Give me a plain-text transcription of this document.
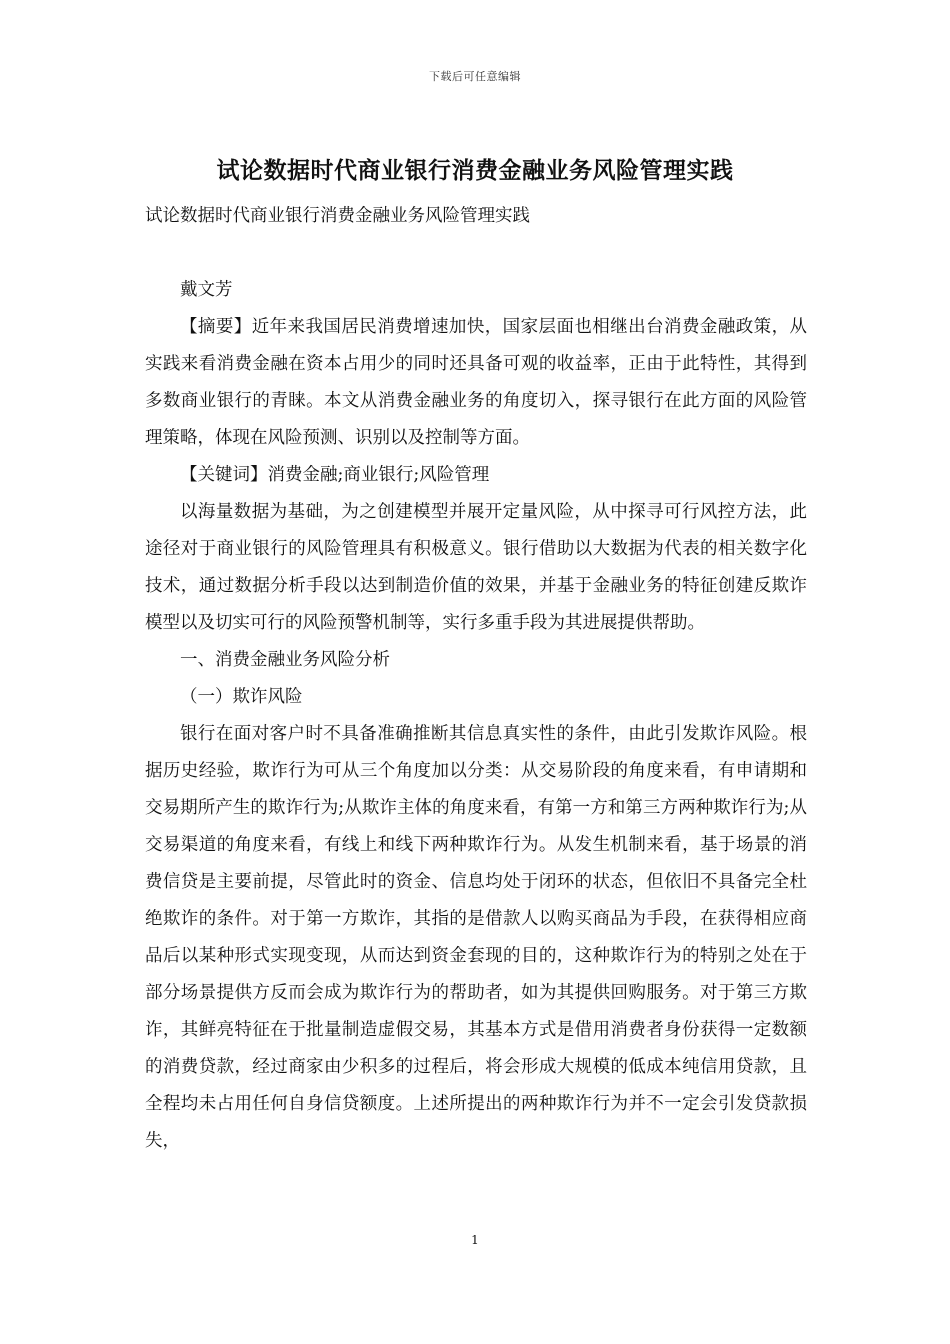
下载后可任意编辑
试论数据时代商业银行消费金融业务风险管理实践

试论数据时代商业银行消费金融业务风险管理实践

戴文芳

【摘要】近年来我国居民消费增速加快，国家层面也相继出台消费金融政策，从实践来看消费金融在资本占用少的同时还具备可观的收益率，正由于此特性，其得到多数商业银行的青睐。本文从消费金融业务的角度切入，探寻银行在此方面的风险管理策略，体现在风险预测、识别以及控制等方面。

【关键词】消费金融;商业银行;风险管理

以海量数据为基础，为之创建模型并展开定量风险，从中探寻可行风控方法，此途径对于商业银行的风险管理具有积极意义。银行借助以大数据为代表的相关数字化技术，通过数据分析手段以达到制造价值的效果，并基于金融业务的特征创建反欺诈模型以及切实可行的风险预警机制等，实行多重手段为其进展提供帮助。

一、消费金融业务风险分析

（一）欺诈风险

银行在面对客户时不具备准确推断其信息真实性的条件，由此引发欺诈风险。根据历史经验，欺诈行为可从三个角度加以分类：从交易阶段的角度来看，有申请期和交易期所产生的欺诈行为;从欺诈主体的角度来看，有第一方和第三方两种欺诈行为;从交易渠道的角度来看，有线上和线下两种欺诈行为。从发生机制来看，基于场景的消费信贷是主要前提，尽管此时的资金、信息均处于闭环的状态，但依旧不具备完全杜绝欺诈的条件。对于第一方欺诈，其指的是借款人以购买商品为手段，在获得相应商品后以某种形式实现变现，从而达到资金套现的目的，这种欺诈行为的特别之处在于部分场景提供方反而会成为欺诈行为的帮助者，如为其提供回购服务。对于第三方欺诈，其鲜亮特征在于批量制造虚假交易，其基本方式是借用消费者身份获得一定数额的消费贷款，经过商家由少积多的过程后，将会形成大规模的低成本纯信用贷款，且全程均未占用任何自身信贷额度。上述所提出的两种欺诈行为并不一定会引发贷款损失，

1
